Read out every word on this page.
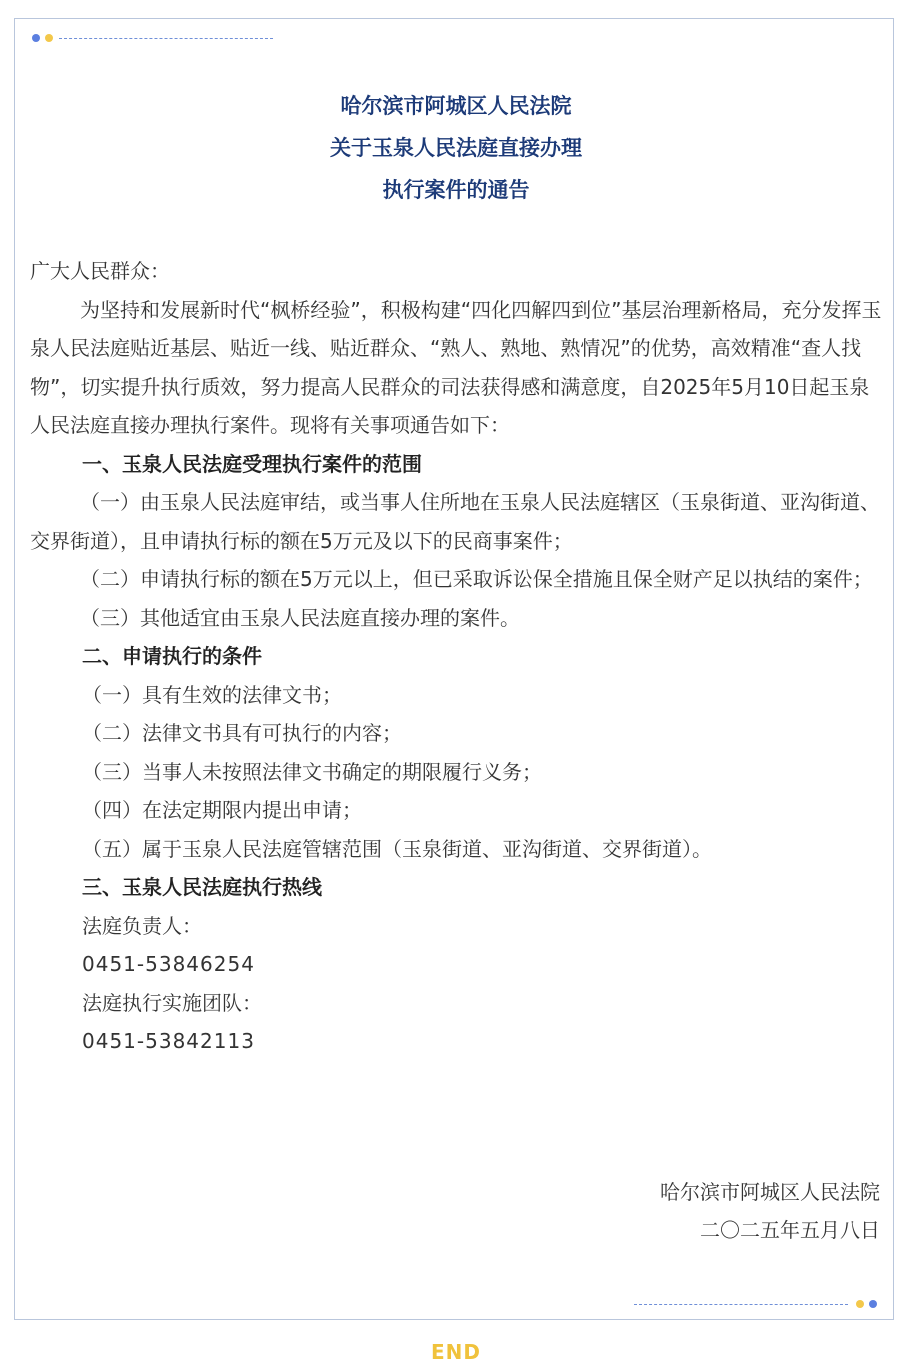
哈尔滨市阿城区人民法院
关于玉泉人民法庭直接办理
执行案件的通告

广大人民群众：

为坚持和发展新时代“枫桥经验”，积极构建“四化四解四到位”基层治理新格局，充分发挥玉泉人民法庭贴近基层、贴近一线、贴近群众、“熟人、熟地、熟情况”的优势，高效精准“查人找物”，切实提升执行质效，努力提高人民群众的司法获得感和满意度，自2025年5月10日起玉泉人民法庭直接办理执行案件。现将有关事项通告如下：

一、玉泉人民法庭受理执行案件的范围

（一）由玉泉人民法庭审结，或当事人住所地在玉泉人民法庭辖区（玉泉街道、亚沟街道、交界街道），且申请执行标的额在5万元及以下的民商事案件；

（二）申请执行标的额在5万元以上，但已采取诉讼保全措施且保全财产足以执结的案件；

（三）其他适宜由玉泉人民法庭直接办理的案件。

二、申请执行的条件

（一）具有生效的法律文书；

（二）法律文书具有可执行的内容；

（三）当事人未按照法律文书确定的期限履行义务；

（四）在法定期限内提出申请；

（五）属于玉泉人民法庭管辖范围（玉泉街道、亚沟街道、交界街道）。

三、玉泉人民法庭执行热线

法庭负责人：

0451-53846254

法庭执行实施团队：

0451-53842113

哈尔滨市阿城区人民法院
二〇二五年五月八日
END
